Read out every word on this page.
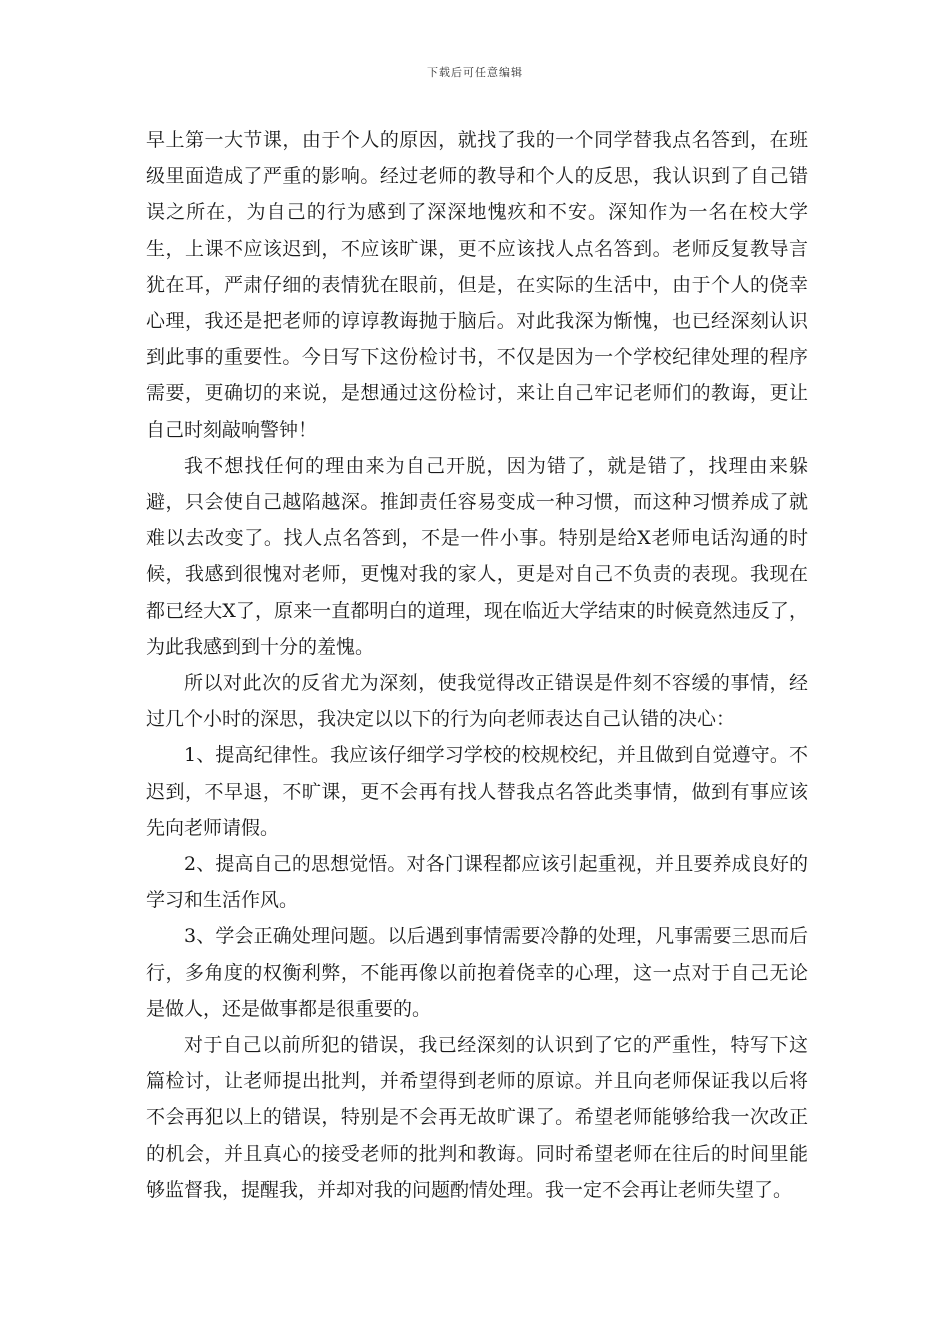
下载后可任意编辑

早上第一大节课，由于个人的原因，就找了我的一个同学替我点名答到，在班级里面造成了严重的影响。经过老师的教导和个人的反思，我认识到了自己错误之所在，为自己的行为感到了深深地愧疚和不安。深知作为一名在校大学生，上课不应该迟到，不应该旷课，更不应该找人点名答到。老师反复教导言犹在耳，严肃仔细的表情犹在眼前，但是，在实际的生活中，由于个人的侥幸心理，我还是把老师的谆谆教诲抛于脑后。对此我深为惭愧，也已经深刻认识到此事的重要性。今日写下这份检讨书，不仅是因为一个学校纪律处理的程序需要，更确切的来说，是想通过这份检讨，来让自己牢记老师们的教诲，更让自己时刻敲响警钟！

我不想找任何的理由来为自己开脱，因为错了，就是错了，找理由来躲避，只会使自己越陷越深。推卸责任容易变成一种习惯，而这种习惯养成了就难以去改变了。找人点名答到，不是一件小事。特别是给X老师电话沟通的时候，我感到很愧对老师，更愧对我的家人，更是对自己不负责的表现。我现在都已经大X了，原来一直都明白的道理，现在临近大学结束的时候竟然违反了，为此我感到到十分的羞愧。

所以对此次的反省尤为深刻，使我觉得改正错误是件刻不容缓的事情，经过几个小时的深思，我决定以以下的行为向老师表达自己认错的决心：

1、提高纪律性。我应该仔细学习学校的校规校纪，并且做到自觉遵守。不迟到，不早退，不旷课，更不会再有找人替我点名答此类事情，做到有事应该先向老师请假。

2、提高自己的思想觉悟。对各门课程都应该引起重视，并且要养成良好的学习和生活作风。

3、学会正确处理问题。以后遇到事情需要冷静的处理，凡事需要三思而后行，多角度的权衡利弊，不能再像以前抱着侥幸的心理，这一点对于自己无论是做人，还是做事都是很重要的。

对于自己以前所犯的错误，我已经深刻的认识到了它的严重性，特写下这篇检讨，让老师提出批判，并希望得到老师的原谅。并且向老师保证我以后将不会再犯以上的错误，特别是不会再无故旷课了。希望老师能够给我一次改正的机会，并且真心的接受老师的批判和教诲。同时希望老师在往后的时间里能够监督我，提醒我，并却对我的问题酌情处理。我一定不会再让老师失望了。
